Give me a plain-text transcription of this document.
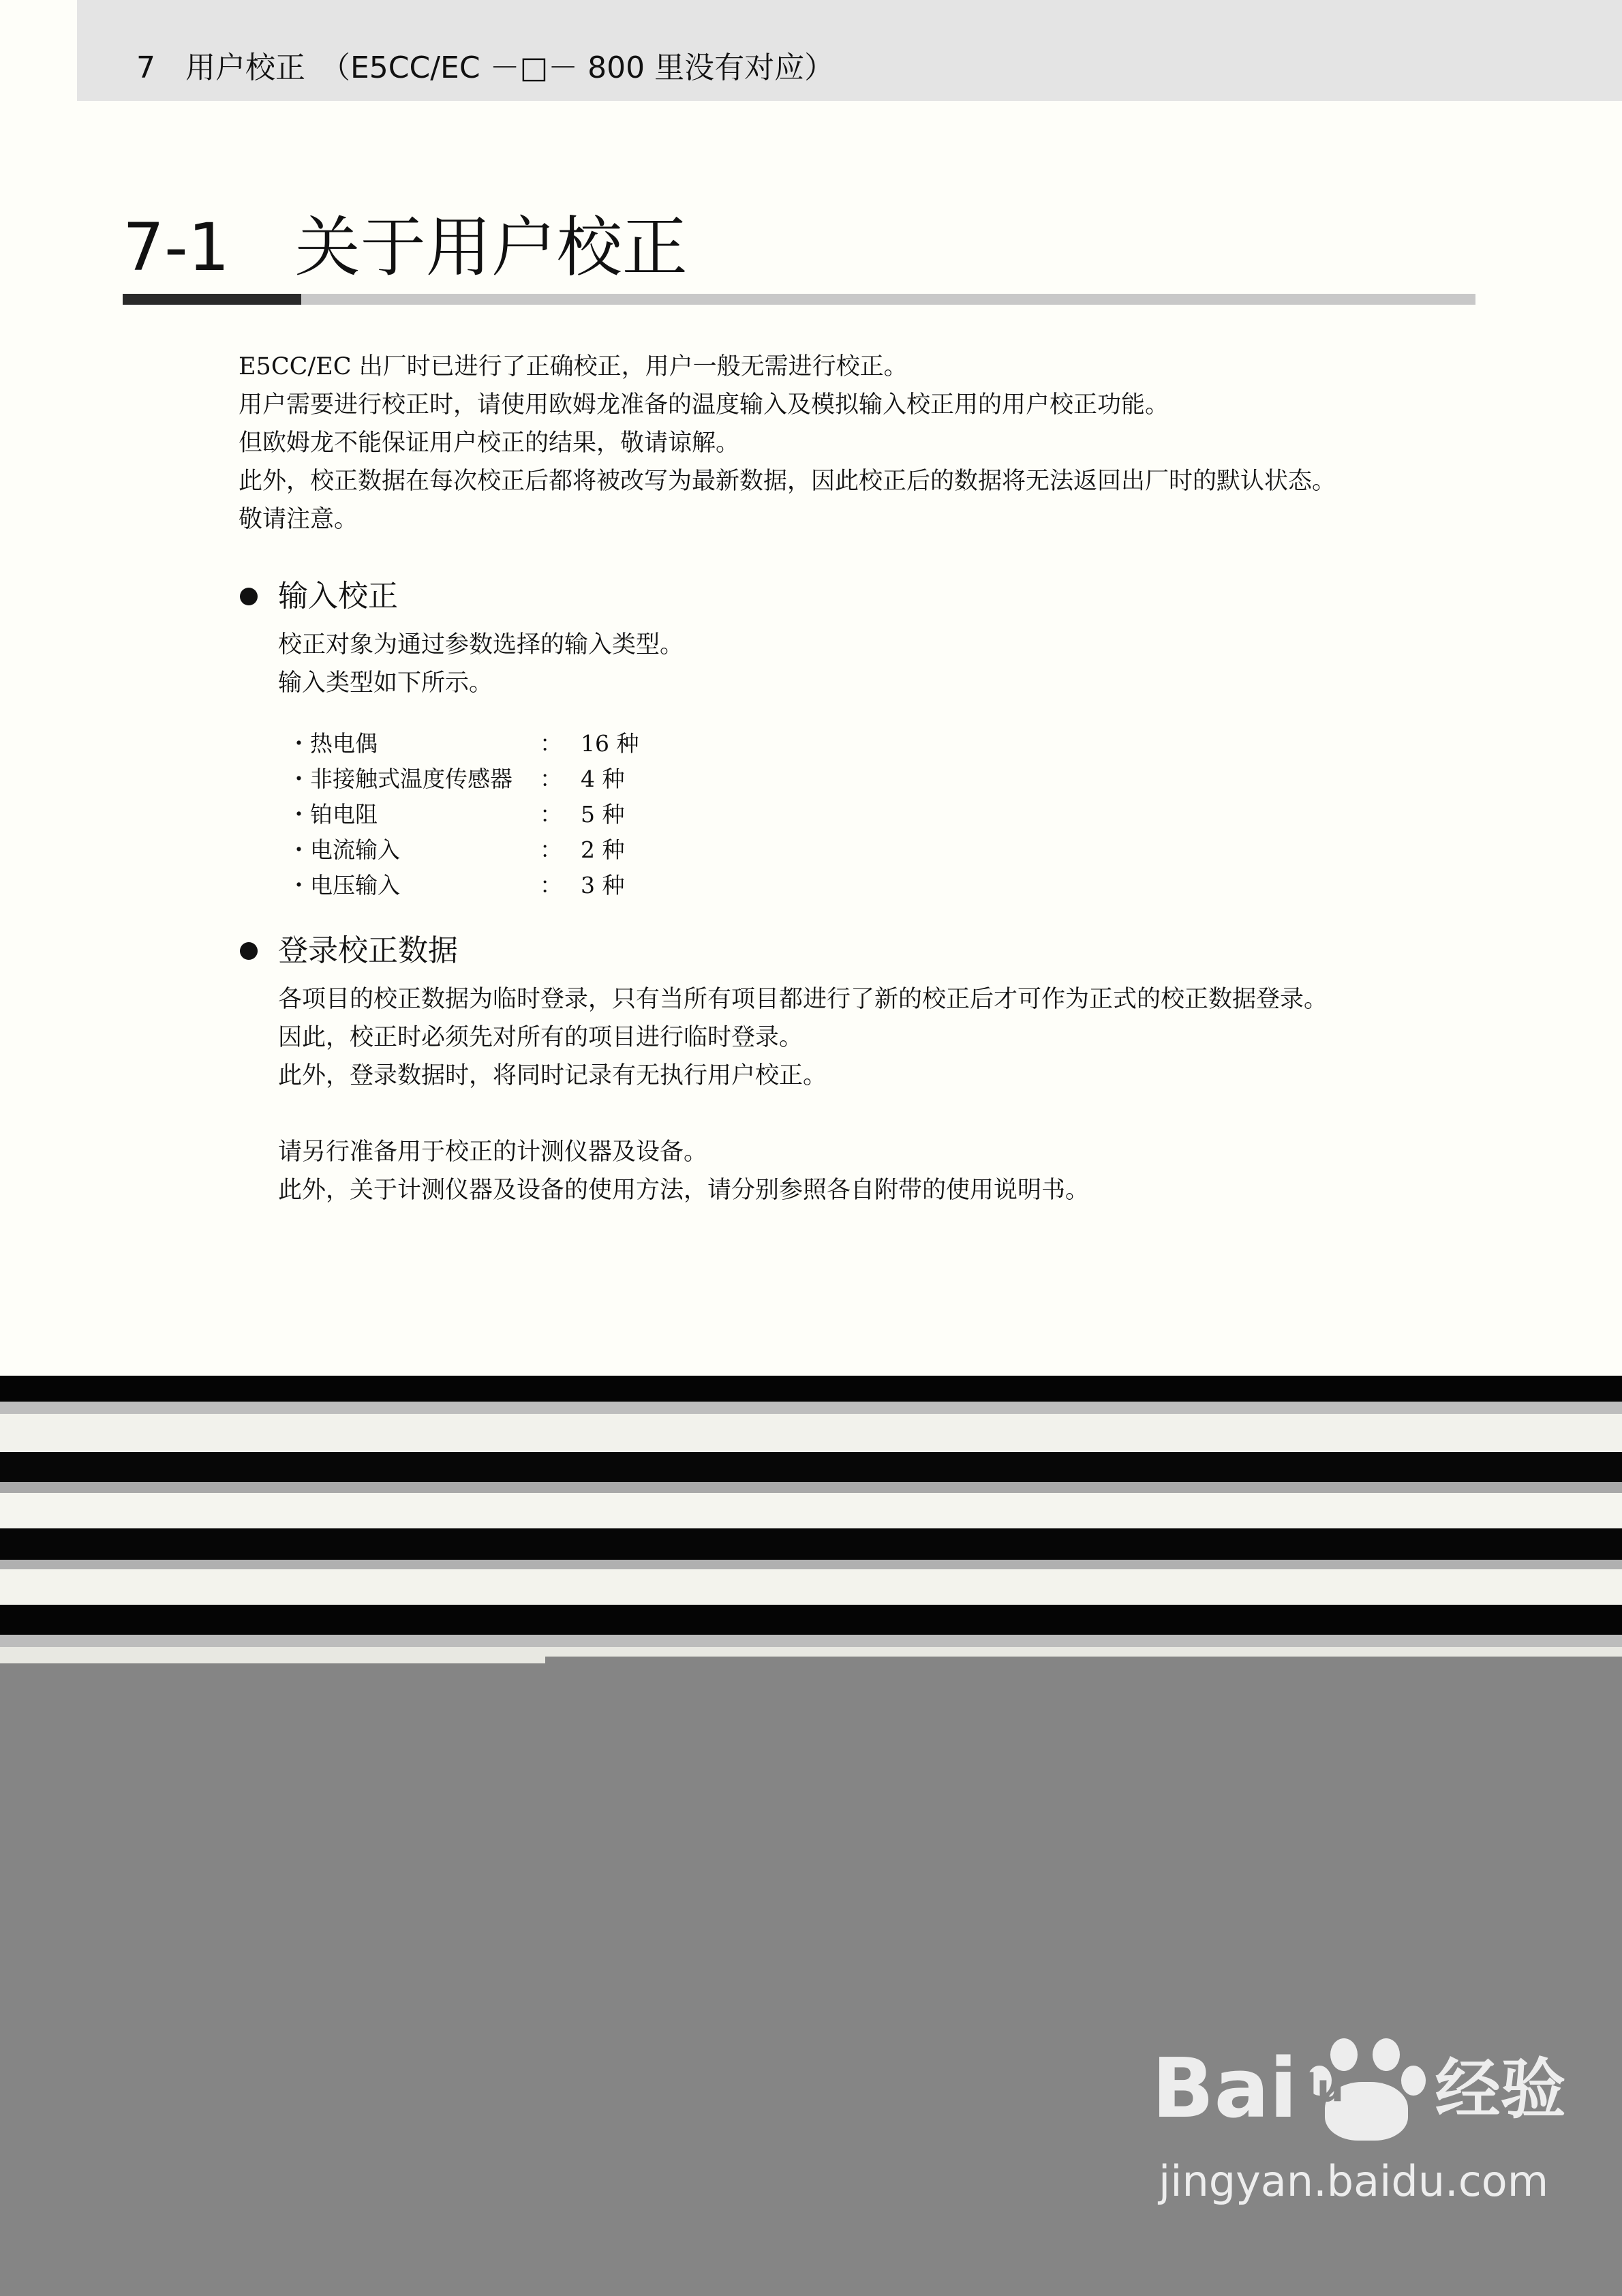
7　用户校正　（E5CC/EC －□－ 800 里没有对应）
7-1　关于用户校正

E5CC/EC 出厂时已进行了正确校正，用户一般无需进行校正。

用户需要进行校正时，请使用欧姆龙准备的温度输入及模拟输入校正用的用户校正功能。

但欧姆龙不能保证用户校正的结果，敬请谅解。

此外，校正数据在每次校正后都将被改写为最新数据，因此校正后的数据将无法返回出厂时的默认状态。

敬请注意。

输入校正

校正对象为通过参数选择的输入类型。

输入类型如下所示。

・热电偶	： 16 种
・非接触式温度传感器	： 4 种
・铂电阻	： 5 种
・电流输入	： 2 种
・电压输入	： 3 种
登录校正数据

各项目的校正数据为临时登录，只有当所有项目都进行了新的校正后才可作为正式的校正数据登录。

因此，校正时必须先对所有的项目进行临时登录。

此外，登录数据时，将同时记录有无执行用户校正。

请另行准备用于校正的计测仪器及设备。

此外，关于计测仪器及设备的使用方法，请分别参照各自附带的使用说明书。

Bai
du 经验
jingyan.baidu.com
